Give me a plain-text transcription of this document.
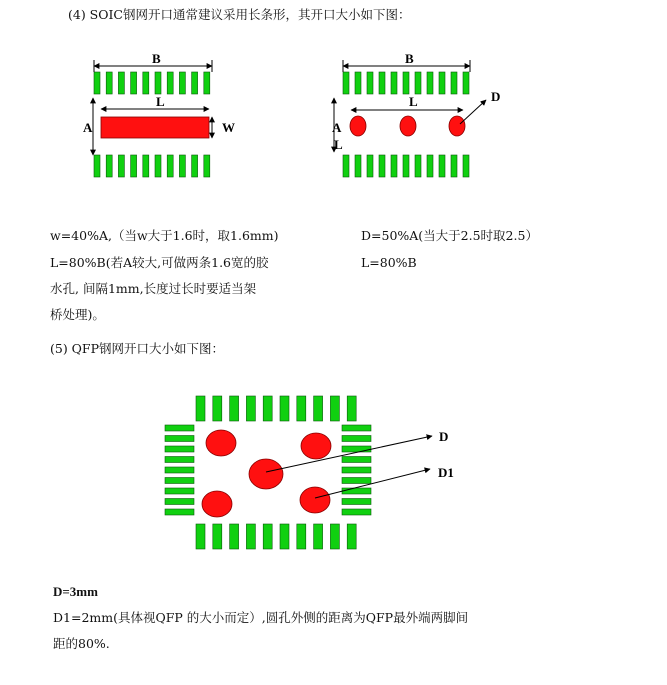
(4) SOIC钢网开口通常建议采用长条形，其开口大小如下图：
B
L
A	W
B
L
A
L
D
D
D1
w=40%A,（当w大于1.6时，取1.6mm)
L=80%B(若A较大,可做两条1.6宽的胶
水孔, 间隔1mm,长度过长时要适当架
桥处理)。
D=50%A(当大于2.5时取2.5）
L=80%B
(5) QFP钢网开口大小如下图：
D=3mm
D1=2mm(具体视QFP 的大小而定）,圆孔外侧的距离为QFP最外端两脚间
距的80%.
